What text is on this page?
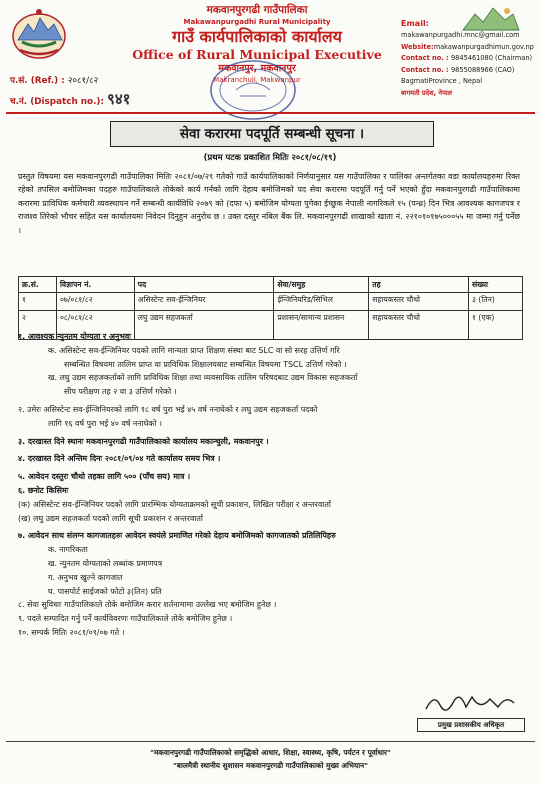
मकवानपुरगढी गाउँपालिका
Makawanpurgadhi Rural Municipality
गाउँ कार्यपालिकाको कार्यालय
Office of Rural Municipal Executive
मकवानपुर, मकवानपुर
Makranchuli, Makwanpur
Email:
makawanpurgadhi.mnc@gmail.com
Website:makawanpurgadhimun.gov.np
Contact no. : 9845461080 (Chairman)
Contact no. : 9855088966 (CAO)
BagmatiProvince , Nepal
बागमती प्रदेश, नेपाल
प.सं. (Ref.) : २०८१/८२
च.नं. (Dispatch no.): ९४१
सेवा करारमा पदपूर्ति सम्बन्धी सूचना ।
(प्रथम पटक प्रकाशित मितिः २०८१/०८/१९)
प्रस्तुत विषयमा यस मकवानपुरगढी गाउँपालिका मितिः २०८१/०७/२९ गतेको गाउँ कार्यपालिकाको निर्णयानुसार यस गाउँपालिका र पालिका अन्तर्गतका वडा कार्यालयहरुमा रिक्त रहेको तपसिल बमोजिमका पदहरु गाउँपालिकाले तोकेको कार्य गर्नको लागि देहाय बमोजिमको पद सेवा करारमा पदपूर्ति गर्नु पर्ने भएको हुँदा मकवानपुरगढी गाउँपालिकामा करारमा प्राविधिक कर्मचारी व्यवस्थापन गर्ने सम्बन्धी कार्यविधि २०७९ को (दफा ५) बमोजिम योग्यता पुगेका ईच्छुक नेपाली नागरिकले १५ (पन्ध्र) दिन भित्र आवश्यक कागजपत्र र राजश्व तिरेको भौचर सहित यस कार्यालयमा निवेदन दिनुहुन अनुरोध छ । उक्त दस्तुर नबिल बैंक लि. मकवानपुरगढी शाखाको खाता नं. २२१०१०१७५०००५५ मा जम्मा गर्नु पर्नेछ ।
क्र.सं.	विज्ञापन नं.	पद	सेवा/समुह	तह	संख्या
१	०७/०८१/८२	असिस्टेन्ट सव-ईन्जिनियर	ईन्जिनियरिड/सिभिल	सहायकस्तर चौथो	३ (तिन)
२	०८/०८१/८२	लघु उद्यम सहजकर्ता	प्रशासन/सामान्य प्रशासन	सहायकस्तर चौथो	१ (एक)
१. आवश्यक न्युनतम योग्यता र अनुभवः
क. असिस्टेन्ट सव-ईन्जिनियर पदको लागि मान्यता प्राप्त शिक्षण संस्था बाट SLC वा सो सरह उत्तिर्ण गरि
सम्बन्धित विषयमा तालिम प्राप्त वा प्राविधिक शिक्षालयबाट सम्बन्धित विषयमा TSCL उत्तिर्ण गरेको ।
ख. लघु उद्यम सहजकर्ताको लागि प्राविधिक शिक्षा तथा व्यवसायिक तालिम परिषदबाट उद्यम विकास सहजकर्ता
सीप परीक्षण तह २ वा ३ उत्तिर्ण गरेको ।
२. उमेरः असिस्टेन्ट सव-ईन्जिनियरको लागि १८ वर्ष पुरा भई ४५ वर्ष ननाघेको र लघु उद्यम सहजकर्ता पदको
लागि १६ वर्ष पुरा भई ४० वर्ष ननाघेको ।
३. दरखास्त दिने स्थानः मकवानपुरगढी गाउँपालिकाको कार्यालय मकान्चुली, मकवानपुर ।
४. दरखास्त दिने अन्तिम दिनः २०८१/०९/०४ गते कार्यालय समय भित्र ।
५. आवेदन दस्तुरः चौथो तहका लागि ५०० (पाँच सय) मात्र ।
६. छनोट किसिमः
(क) असिस्टेन्ट सव-ईन्जिनियर पदको लागि प्रारम्भिक योग्यताक्रमको सूची प्रकाशन, लिखित परीक्षा र अन्तरवार्ता
(ख) लघु उद्यम सहजकर्ता पदको लागि सूची प्रकाशन र अन्तरवार्ता
७. आवेदन साथ संलग्न कागजातहरुः आवेदन स्वयंले प्रमाणित गरेको देहाय बमोजिमको कागजातको प्रतिलिपिहरु
क. नागरिकता
ख. न्युनतम योग्यताको लब्धांक प्रमाणपत्र
ग. अनुभव खुल्ने कागजात
घ. पासपोर्ट साईजको फोटो ३(तिन) प्रति
८. सेवा सुविधाः गाउँपालिकाले तोके बमोजिम करार शर्तनामामा उल्लेख भए बमोजिम हुनेछ ।
९. पदले सम्पादित गर्नु पर्ने कार्यविवरणः गाउँपालिकाले तोके बमोजिम हुनेछ ।
१०. सम्पर्क मितिः २०८१/०९/०७ गते ।
प्रमुख प्रशासकीय अधिकृत
"मकवानपुरगढी गाउँपालिकाको समृद्धिको आधार, शिक्षा, स्वास्थ्य, कृषि, पर्यटन र पूर्वाधार"
"बालमैत्री स्थानीय सुशासन मकवानपुरगढी गाउँपालिकाको मुख्य अभियान"
